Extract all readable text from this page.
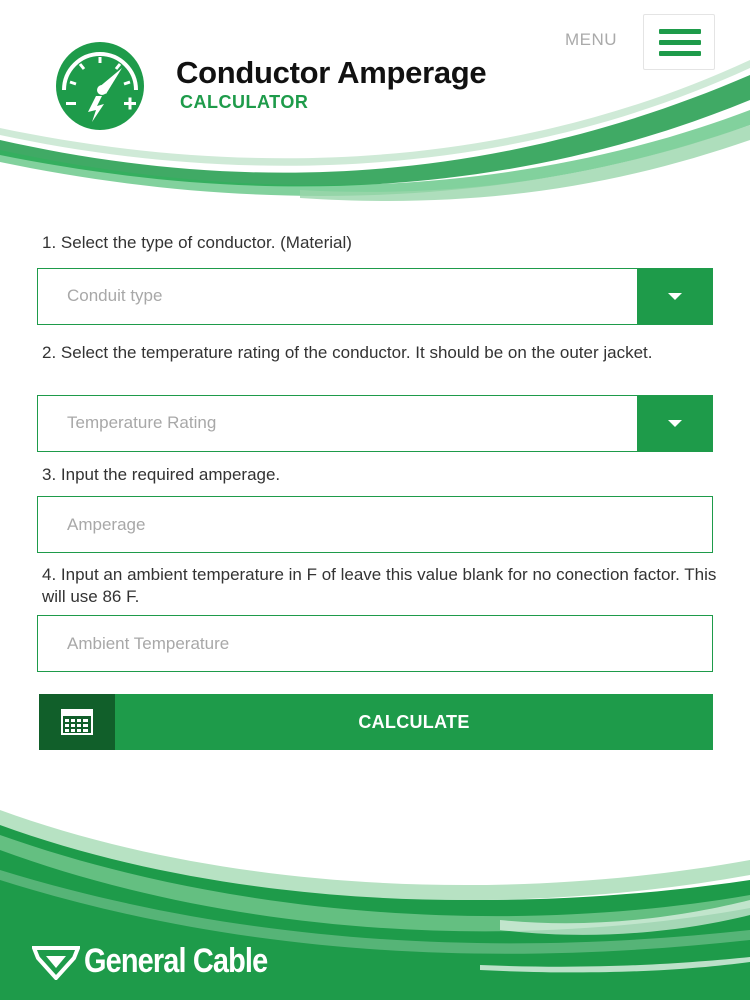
Conductor Amperage
CALCULATOR
MENU
1. Select the type of conductor. (Material)
Conduit type
2. Select the temperature rating of the conductor. It should be on the outer jacket.
Temperature Rating
3. Input the required amperage.
Amperage
4. Input an ambient temperature in F of leave this value blank for no conection factor. This will use 86 F.
Ambient Temperature
CALCULATE
General Cable
